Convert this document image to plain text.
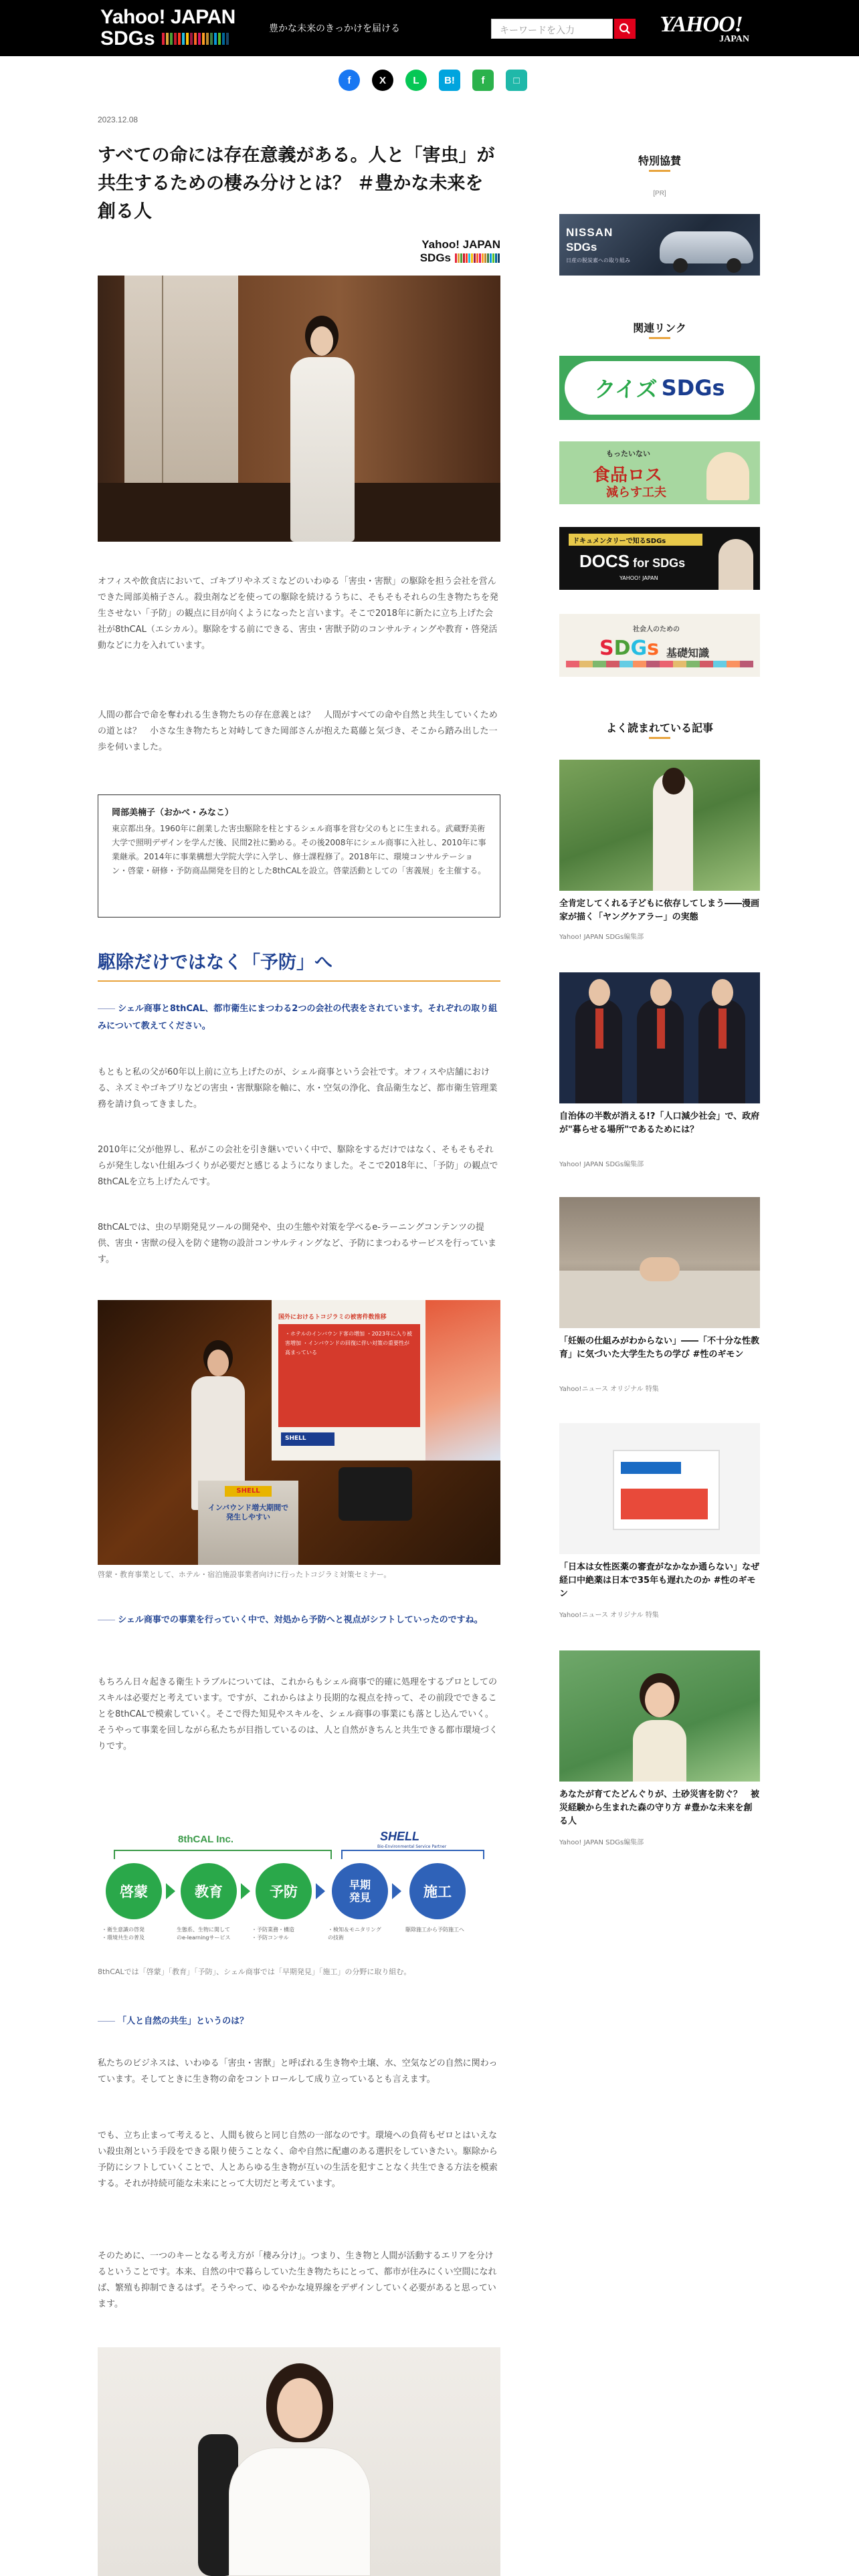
Yahoo! JAPAN
SDGs	豊かな未来のきっかけを届ける	キーワードを入力	YAHOO!
JAPAN
f	X	L	B!	f	□
2023.12.08
すべての命には存在意義がある。人と「害虫」が共生するための棲み分けとは？ ＃豊かな未来を創る人
Yahoo! JAPAN
SDGs

オフィスや飲食店において、ゴキブリやネズミなどのいわゆる「害虫・害獣」の駆除を担う会社を営んできた岡部美楠子さん。殺虫剤などを使っての駆除を続けるうちに、そもそもそれらの生き物たちを発生させない「予防」の観点に目が向くようになったと言います。そこで2018年に新たに立ち上げた会社が8thCAL（エシカル）。駆除をする前にできる、害虫・害獣予防のコンサルティングや教育・啓発活動などに力を入れています。

人間の都合で命を奪われる生き物たちの存在意義とは？　人間がすべての命や自然と共生していくための道とは？　小さな生き物たちと対峙してきた岡部さんが抱えた葛藤と気づき、そこから踏み出した一歩を伺いました。

岡部美楠子（おかべ・みなこ）
東京都出身。1960年に創業した害虫駆除を柱とするシェル商事を営む父のもとに生まれる。武蔵野美術大学で照明デザインを学んだ後、民間2社に勤める。その後2008年にシェル商事に入社し、2010年に事業継承。2014年に事業構想大学院大学に入学し、修士課程修了。2018年に、環境コンサルテーション・啓蒙・研修・予防商品開発を目的とした8thCALを設立。啓蒙活動としての「害義展」を主催する。
駆除だけではなく「予防」へ

―― シェル商事と8thCAL、都市衛生にまつわる2つの会社の代表をされています。それぞれの取り組みについて教えてください。

もともと私の父が60年以上前に立ち上げたのが、シェル商事という会社です。オフィスや店舗における、ネズミやゴキブリなどの害虫・害獣駆除を軸に、水・空気の浄化、食品衛生など、都市衛生管理業務を請け負ってきました。

2010年に父が他界し、私がこの会社を引き継いでいく中で、駆除をするだけではなく、そもそもそれらが発生しない仕組みづくりが必要だと感じるようになりました。そこで2018年に、「予防」の観点で8thCALを立ち上げたんです。

8thCALでは、虫の早期発見ツールの開発や、虫の生態や対策を学べるe-ラーニングコンテンツの提供、害虫・害獣の侵入を防ぐ建物の設計コンサルティングなど、予防にまつわるサービスを行っています。

国外におけるトコジラミの被害件数推移
・ホテルのインバウンド客の増加 ・2023年に入り被害増加 ・インバウンドの回復に伴い対策の重要性が高まっている
SHELL
SHELL
インバウンド増大期間で発生しやすい
啓蒙・教育事業として、ホテル・宿泊施設事業者向けに行ったトコジラミ対策セミナー。

―― シェル商事での事業を行っていく中で、対処から予防へと視点がシフトしていったのですね。

もちろん日々起きる衛生トラブルについては、これからもシェル商事で的確に処理をするプロとしてのスキルは必要だと考えています。ですが、これからはより長期的な視点を持って、その前段でできることを8thCALで模索していく。そこで得た知見やスキルを、シェル商事の事業にも落とし込んでいく。そうやって事業を回しながら私たちが目指しているのは、人と自然がきちんと共生できる都市環境づくりです。

8thCAL Inc.	SHELL
Bio-Environmental Service Partner
啓蒙
・衛生意識の啓発
・環境共生の普及
教育
生態系、生物に関して
のe-learningサービス
予防
・予防業務・構造
・予防コンサル
早期
発見
・検知＆モニタリング
の技術
施工
駆除施工から予防施工へ
8thCALでは「啓蒙」「教育」「予防」、シェル商事では「早期発見」「施工」の分野に取り組む。

―― 「人と自然の共生」というのは？

私たちのビジネスは、いわゆる「害虫・害獣」と呼ばれる生き物や土壌、水、空気などの自然に関わっています。そしてときに生き物の命をコントロールして成り立っているとも言えます。

でも、立ち止まって考えると、人間も彼らと同じ自然の一部なのです。環境への負荷もゼロとはいえない殺虫剤という手段をできる限り使うことなく、命や自然に配慮のある選択をしていきたい。駆除から予防にシフトしていくことで、人とあらゆる生き物が互いの生活を犯すことなく共生できる方法を模索する。それが持続可能な未来にとって大切だと考えています。

そのために、一つのキーとなる考え方が「棲み分け」。つまり、生き物と人間が活動するエリアを分けるということです。本来、自然の中で暮らしていた生き物たちにとって、都市が住みにくい空間になれば、繁殖も抑制できるはず。そうやって、ゆるやかな境界線をデザインしていく必要があると思っています。

特別協賛
[PR]
NISSAN
SDGs
日産の脱炭素への取り組み
関連リンク
クイズ SDGs
もったいない
食品ロス
減らす工夫
ドキュメンタリーで知るSDGs
DOCS for SDGs
YAHOO! JAPAN
社会人のための
SDGs 基礎知識
よく読まれている記事
全肯定してくれる子どもに依存してしまう――漫画家が描く「ヤングケアラー」の実態
Yahoo! JAPAN SDGs編集部
自治体の半数が消える!?「人口減少社会」で、政府が"暮らせる場所"であるためには？
Yahoo! JAPAN SDGs編集部
「妊娠の仕組みがわからない」――「不十分な性教育」に気づいた大学生たちの学び #性のギモン
Yahoo!ニュース オリジナル 特集
「日本は女性医薬の審査がなかなか通らない」なぜ経口中絶薬は日本で35年も遅れたのか #性のギモン
Yahoo!ニュース オリジナル 特集
あなたが育てたどんぐりが、土砂災害を防ぐ？　被災経験から生まれた森の守り方 #豊かな未来を創る人
Yahoo! JAPAN SDGs編集部
